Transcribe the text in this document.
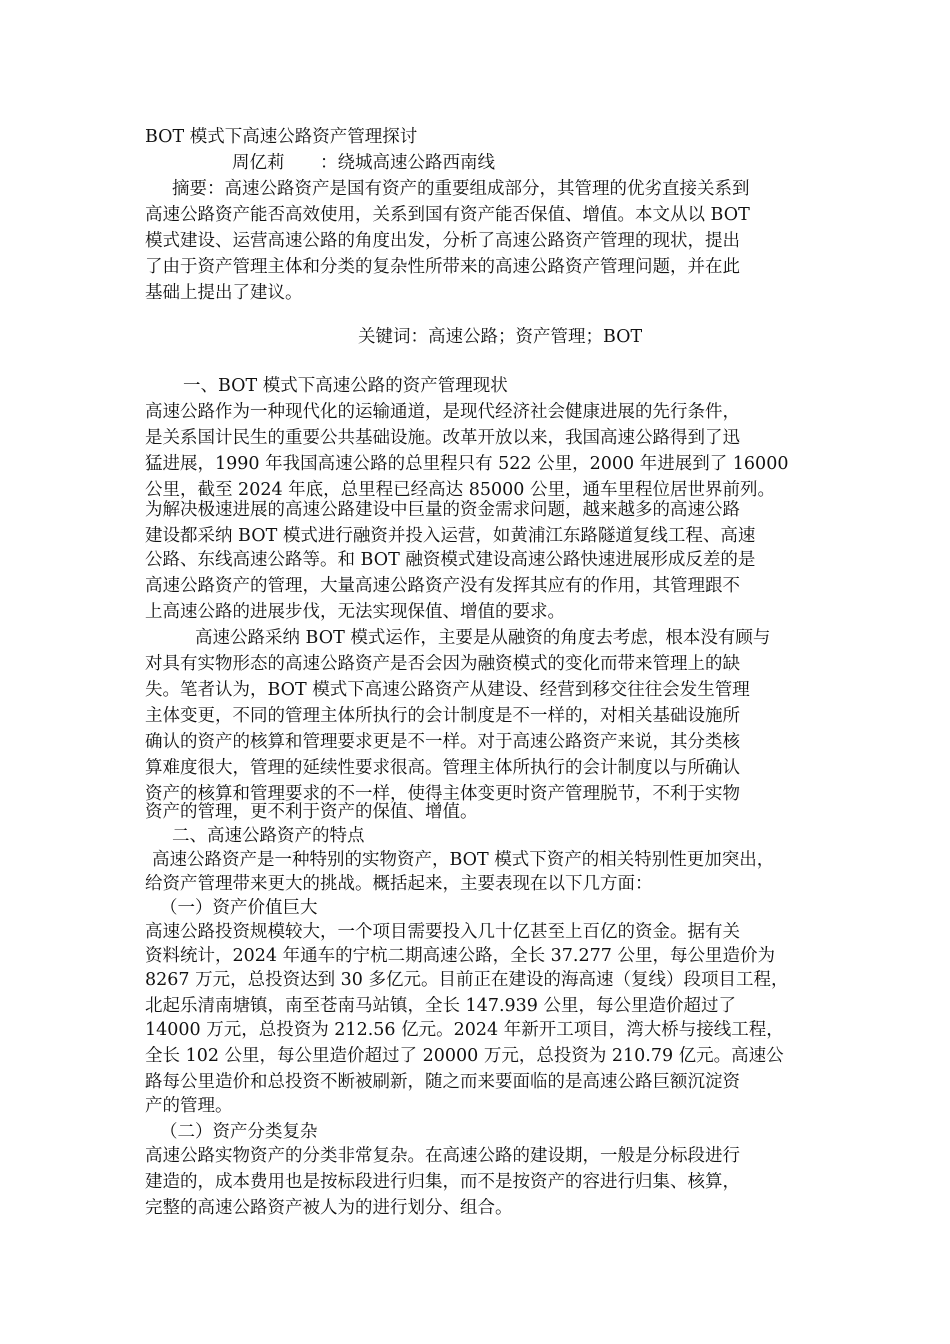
BOT 模式下高速公路资产管理探讨
周亿莉 ：绕城高速公路西南线
摘要：高速公路资产是国有资产的重要组成部分，其管理的优劣直接关系到
高速公路资产能否高效使用，关系到国有资产能否保值、增值。本文从以 BOT
模式建设、运营高速公路的角度出发，分析了高速公路资产管理的现状，提出
了由于资产管理主体和分类的复杂性所带来的高速公路资产管理问题，并在此
基础上提出了建议。
关键词：高速公路；资产管理；BOT
一、BOT 模式下高速公路的资产管理现状
高速公路作为一种现代化的运输通道，是现代经济社会健康进展的先行条件，
是关系国计民生的重要公共基础设施。改革开放以来，我国高速公路得到了迅
猛进展，1990 年我国高速公路的总里程只有 522 公里，2000 年进展到了 16000
公里，截至 2024 年底，总里程已经高达 85000 公里，通车里程位居世界前列。
为解决极速进展的高速公路建设中巨量的资金需求问题，越来越多的高速公路
建设都采纳 BOT 模式进行融资并投入运营，如黄浦江东路隧道复线工程、高速
公路、东线高速公路等。和 BOT 融资模式建设高速公路快速进展形成反差的是
高速公路资产的管理，大量高速公路资产没有发挥其应有的作用，其管理跟不
上高速公路的进展步伐，无法实现保值、增值的要求。
高速公路采纳 BOT 模式运作，主要是从融资的角度去考虑，根本没有顾与
对具有实物形态的高速公路资产是否会因为融资模式的变化而带来管理上的缺
失。笔者认为，BOT 模式下高速公路资产从建设、经营到移交往往会发生管理
主体变更，不同的管理主体所执行的会计制度是不一样的，对相关基础设施所
确认的资产的核算和管理要求更是不一样。对于高速公路资产来说，其分类核
算难度很大，管理的延续性要求很高。管理主体所执行的会计制度以与所确认
资产的核算和管理要求的不一样，使得主体变更时资产管理脱节，不利于实物
资产的管理，更不利于资产的保值、增值。
二、高速公路资产的特点
高速公路资产是一种特别的实物资产，BOT 模式下资产的相关特别性更加突出，
给资产管理带来更大的挑战。概括起来，主要表现在以下几方面：
（一）资产价值巨大
高速公路投资规模较大，一个项目需要投入几十亿甚至上百亿的资金。据有关
资料统计，2024 年通车的宁杭二期高速公路，全长 37.277 公里，每公里造价为
8267 万元，总投资达到 30 多亿元。目前正在建设的海高速（复线）段项目工程，
北起乐清南塘镇，南至苍南马站镇，全长 147.939 公里，每公里造价超过了
14000 万元，总投资为 212.56 亿元。2024 年新开工项目，湾大桥与接线工程，
全长 102 公里，每公里造价超过了 20000 万元，总投资为 210.79 亿元。高速公
路每公里造价和总投资不断被刷新，随之而来要面临的是高速公路巨额沉淀资
产的管理。
（二）资产分类复杂
高速公路实物资产的分类非常复杂。在高速公路的建设期，一般是分标段进行
建造的，成本费用也是按标段进行归集，而不是按资产的容进行归集、核算，
完整的高速公路资产被人为的进行划分、组合。
